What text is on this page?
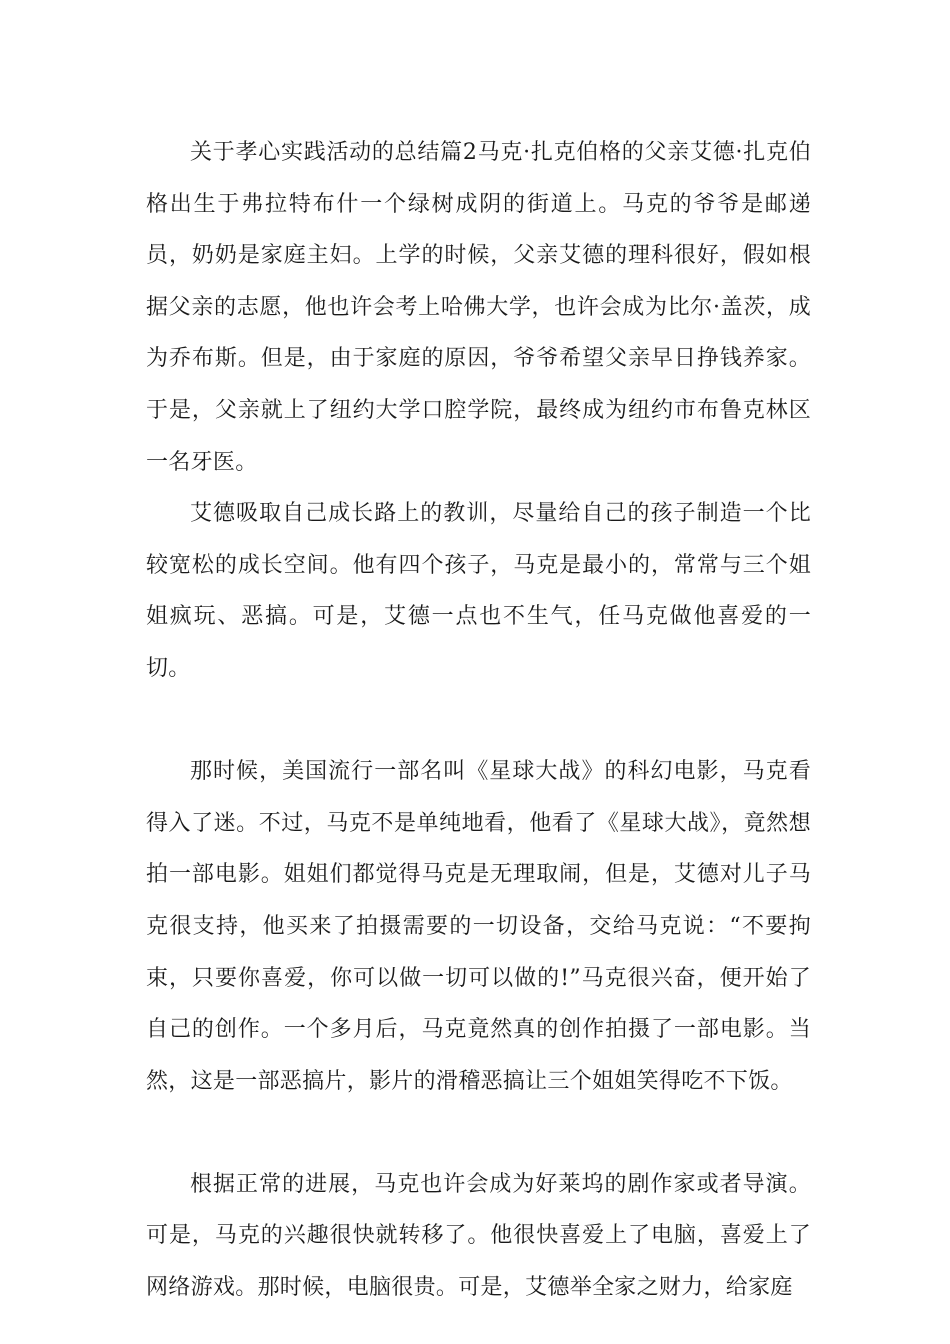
关于孝心实践活动的总结篇2马克·扎克伯格的父亲艾德·扎克伯格出生于弗拉特布什一个绿树成阴的街道上。马克的爷爷是邮递员，奶奶是家庭主妇。上学的时候，父亲艾德的理科很好，假如根据父亲的志愿，他也许会考上哈佛大学，也许会成为比尔·盖茨，成为乔布斯。但是，由于家庭的原因，爷爷希望父亲早日挣钱养家。于是，父亲就上了纽约大学口腔学院，最终成为纽约市布鲁克林区一名牙医。

艾德吸取自己成长路上的教训，尽量给自己的孩子制造一个比较宽松的成长空间。他有四个孩子，马克是最小的，常常与三个姐姐疯玩、恶搞。可是，艾德一点也不生气，任马克做他喜爱的一切。

那时候，美国流行一部名叫《星球大战》的科幻电影，马克看得入了迷。不过，马克不是单纯地看，他看了《星球大战》，竟然想拍一部电影。姐姐们都觉得马克是无理取闹，但是，艾德对儿子马克很支持，他买来了拍摄需要的一切设备，交给马克说：“不要拘束，只要你喜爱，你可以做一切可以做的!”马克很兴奋，便开始了自己的创作。一个多月后，马克竟然真的创作拍摄了一部电影。当然，这是一部恶搞片，影片的滑稽恶搞让三个姐姐笑得吃不下饭。

根据正常的进展，马克也许会成为好莱坞的剧作家或者导演。可是，马克的兴趣很快就转移了。他很快喜爱上了电脑，喜爱上了网络游戏。那时候，电脑很贵。可是，艾德举全家之财力，给家庭
